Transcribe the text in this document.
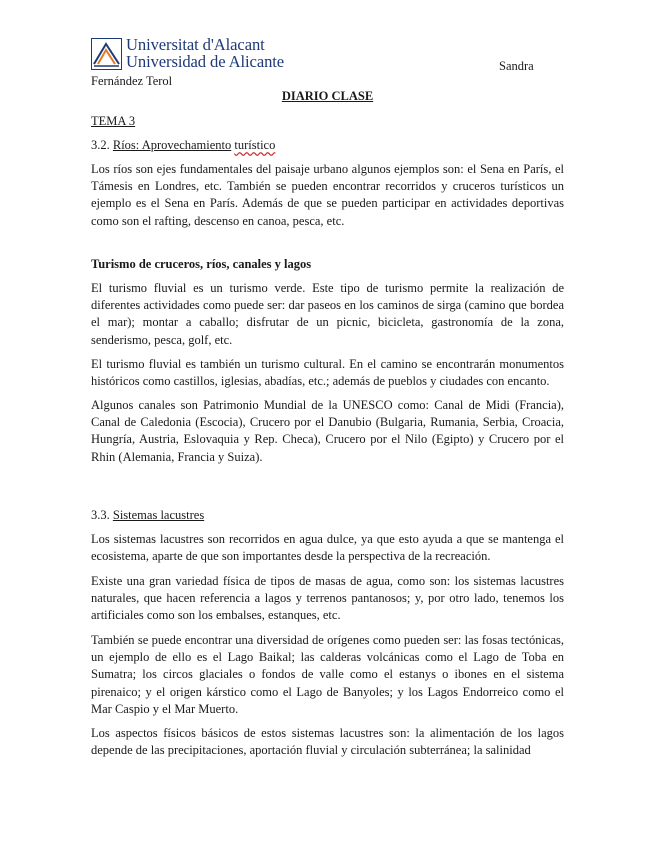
Universitat d'Alacant
Universidad de Alicante	Sandra
Fernández Terol
DIARIO CLASE
TEMA 3
3.2. Ríos: Aprovechamiento turístico
Los ríos son ejes fundamentales del paisaje urbano algunos ejemplos son: el Sena en París, el Támesis en Londres, etc. También se pueden encontrar recorridos y cruceros turísticos un ejemplo es el Sena en París. Además de que se pueden participar en actividades deportivas como son el rafting, descenso en canoa, pesca, etc.
Turismo de cruceros, ríos, canales y lagos
El turismo fluvial es un turismo verde. Este tipo de turismo permite la realización de diferentes actividades como puede ser: dar paseos en los caminos de sirga (camino que bordea el mar); montar a caballo; disfrutar de un picnic, bicicleta, gastronomía de la zona, senderismo, pesca, golf, etc.
El turismo fluvial es también un turismo cultural. En el camino se encontrarán monumentos históricos como castillos, iglesias, abadías, etc.; además de pueblos y ciudades con encanto.
Algunos canales son Patrimonio Mundial de la UNESCO como: Canal de Midi (Francia), Canal de Caledonia (Escocia), Crucero por el Danubio (Bulgaria, Rumania, Serbia, Croacia, Hungría, Austria, Eslovaquia y Rep. Checa), Crucero por el Nilo (Egipto) y Crucero por el Rhin (Alemania, Francia y Suiza).
3.3. Sistemas lacustres
Los sistemas lacustres son recorridos en agua dulce, ya que esto ayuda a que se mantenga el ecosistema, aparte de que son importantes desde la perspectiva de la recreación.
Existe una gran variedad física de tipos de masas de agua, como son: los sistemas lacustres naturales, que hacen referencia a lagos y terrenos pantanosos; y, por otro lado, tenemos los artificiales como son los embalses, estanques, etc.
También se puede encontrar una diversidad de orígenes como pueden ser: las fosas tectónicas, un ejemplo de ello es el Lago Baikal; las calderas volcánicas como el Lago de Toba en Sumatra; los circos glaciales o fondos de valle como el estanys o ibones en el sistema pirenaico; y el origen kárstico como el Lago de Banyoles; y los Lagos Endorreico como el Mar Caspio y el Mar Muerto.
Los aspectos físicos básicos de estos sistemas lacustres son: la alimentación de los lagos depende de las precipitaciones, aportación fluvial y circulación subterránea; la salinidad
